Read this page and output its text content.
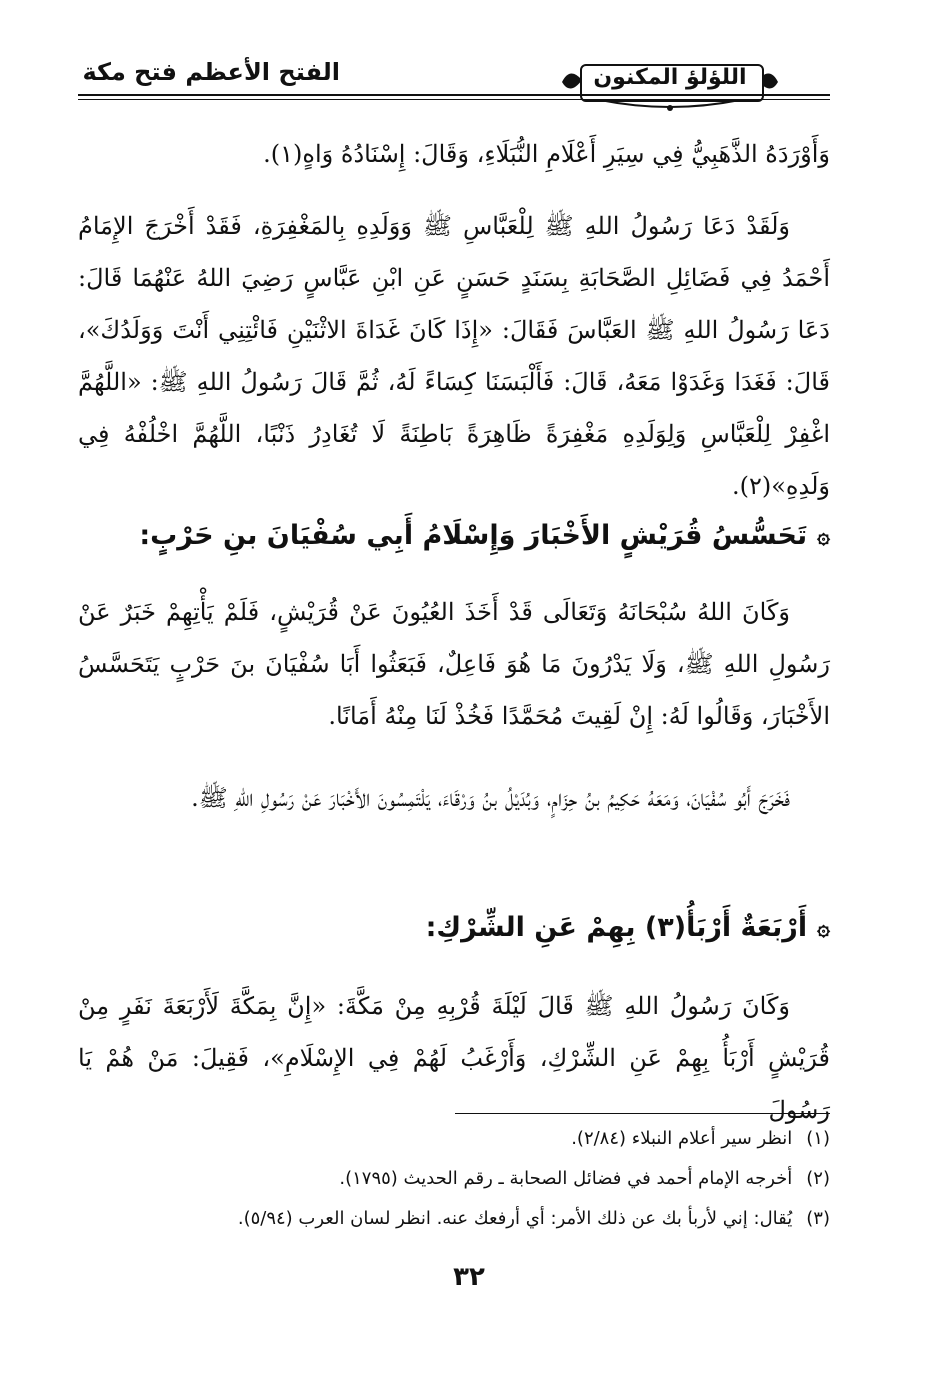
اللؤلؤ المكنون
الفتح الأعظم فتح مكة
وَأَوْرَدَهُ الذَّهَبِيُّ فِي سِيَرِ أَعْلَامِ النُّبَلَاءِ، وَقَالَ: إِسْنَادُهُ وَاهٍ(١).
وَلَقَدْ دَعَا رَسُولُ اللهِ ﷺ لِلْعَبَّاسِ ﷺ وَوَلَدِهِ بِالمَغْفِرَةِ، فَقَدْ أَخْرَجَ الإِمَامُ أَحْمَدُ فِي فَضَائِلِ الصَّحَابَةِ بِسَنَدٍ حَسَنٍ عَنِ ابْنِ عَبَّاسٍ رَضِيَ اللهُ عَنْهُمَا قَالَ: دَعَا رَسُولُ اللهِ ﷺ العَبَّاسَ فَقَالَ: «إِذَا كَانَ غَدَاةَ الاثْنَيْنِ فَائْتِنِي أَنْتَ وَوَلَدُكَ»، قَالَ: فَغَدَا وَغَدَوْا مَعَهُ، قَالَ: فَأَلْبَسَنَا كِسَاءً لَهُ، ثُمَّ قَالَ رَسُولُ اللهِ ﷺ: «اللَّهُمَّ اغْفِرْ لِلْعَبَّاسِ وَلِوَلَدِهِ مَغْفِرَةً ظَاهِرَةً بَاطِنَةً لَا تُغَادِرُ ذَنْبًا، اللَّهُمَّ اخْلُفْهُ فِي وَلَدِهِ»(٢).
۞تَحَسُّسُ قُرَيْشٍ الأَخْبَارَ وَإِسْلَامُ أَبِي سُفْيَانَ بنِ حَرْبٍ:
وَكَانَ اللهُ سُبْحَانَهُ وَتَعَالَى قَدْ أَخَذَ العُيُونَ عَنْ قُرَيْشٍ، فَلَمْ يَأْتِهِمْ خَبَرٌ عَنْ رَسُولِ اللهِ ﷺ، وَلَا يَدْرُونَ مَا هُوَ فَاعِلٌ، فَبَعَثُوا أَبَا سُفْيَانَ بنَ حَرْبٍ يَتَحَسَّسُ الأَخْبَارَ، وَقَالُوا لَهُ: إِنْ لَقِيتَ مُحَمَّدًا فَخُذْ لَنَا مِنْهُ أَمَانًا.
فَخَرَجَ أَبُو سُفْيَانَ، وَمَعَهُ حَكِيمُ بنُ حِزَامٍ، وَبُدَيْلُ بنُ وَرْقَاءَ، يَلْتَمِسُونَ الأَخْبَارَ عَنْ رَسُولِ اللهِ ﷺ.
۞أَرْبَعَةٌ أَرْبَأُ(٣) بِهِمْ عَنِ الشِّرْكِ:
وَكَانَ رَسُولُ اللهِ ﷺ قَالَ لَيْلَةَ قُرْبِهِ مِنْ مَكَّةَ: «إِنَّ بِمَكَّةَ لَأَرْبَعَةَ نَفَرٍ مِنْ قُرَيْشٍ أَرْبَأُ بِهِمْ عَنِ الشِّرْكِ، وَأَرْغَبُ لَهُمْ فِي الإِسْلَامِ»، فَقِيلَ: مَنْ هُمْ يَا رَسُولَ
(١)انظر سير أعلام النبلاء (٢/٨٤).
(٢)أخرجه الإمام أحمد في فضائل الصحابة ـ رقم الحديث (١٧٩٥).
(٣)يُقال: إني لأربأ بك عن ذلك الأمر: أي أرفعك عنه. انظر لسان العرب (٥/٩٤).
٣٢
